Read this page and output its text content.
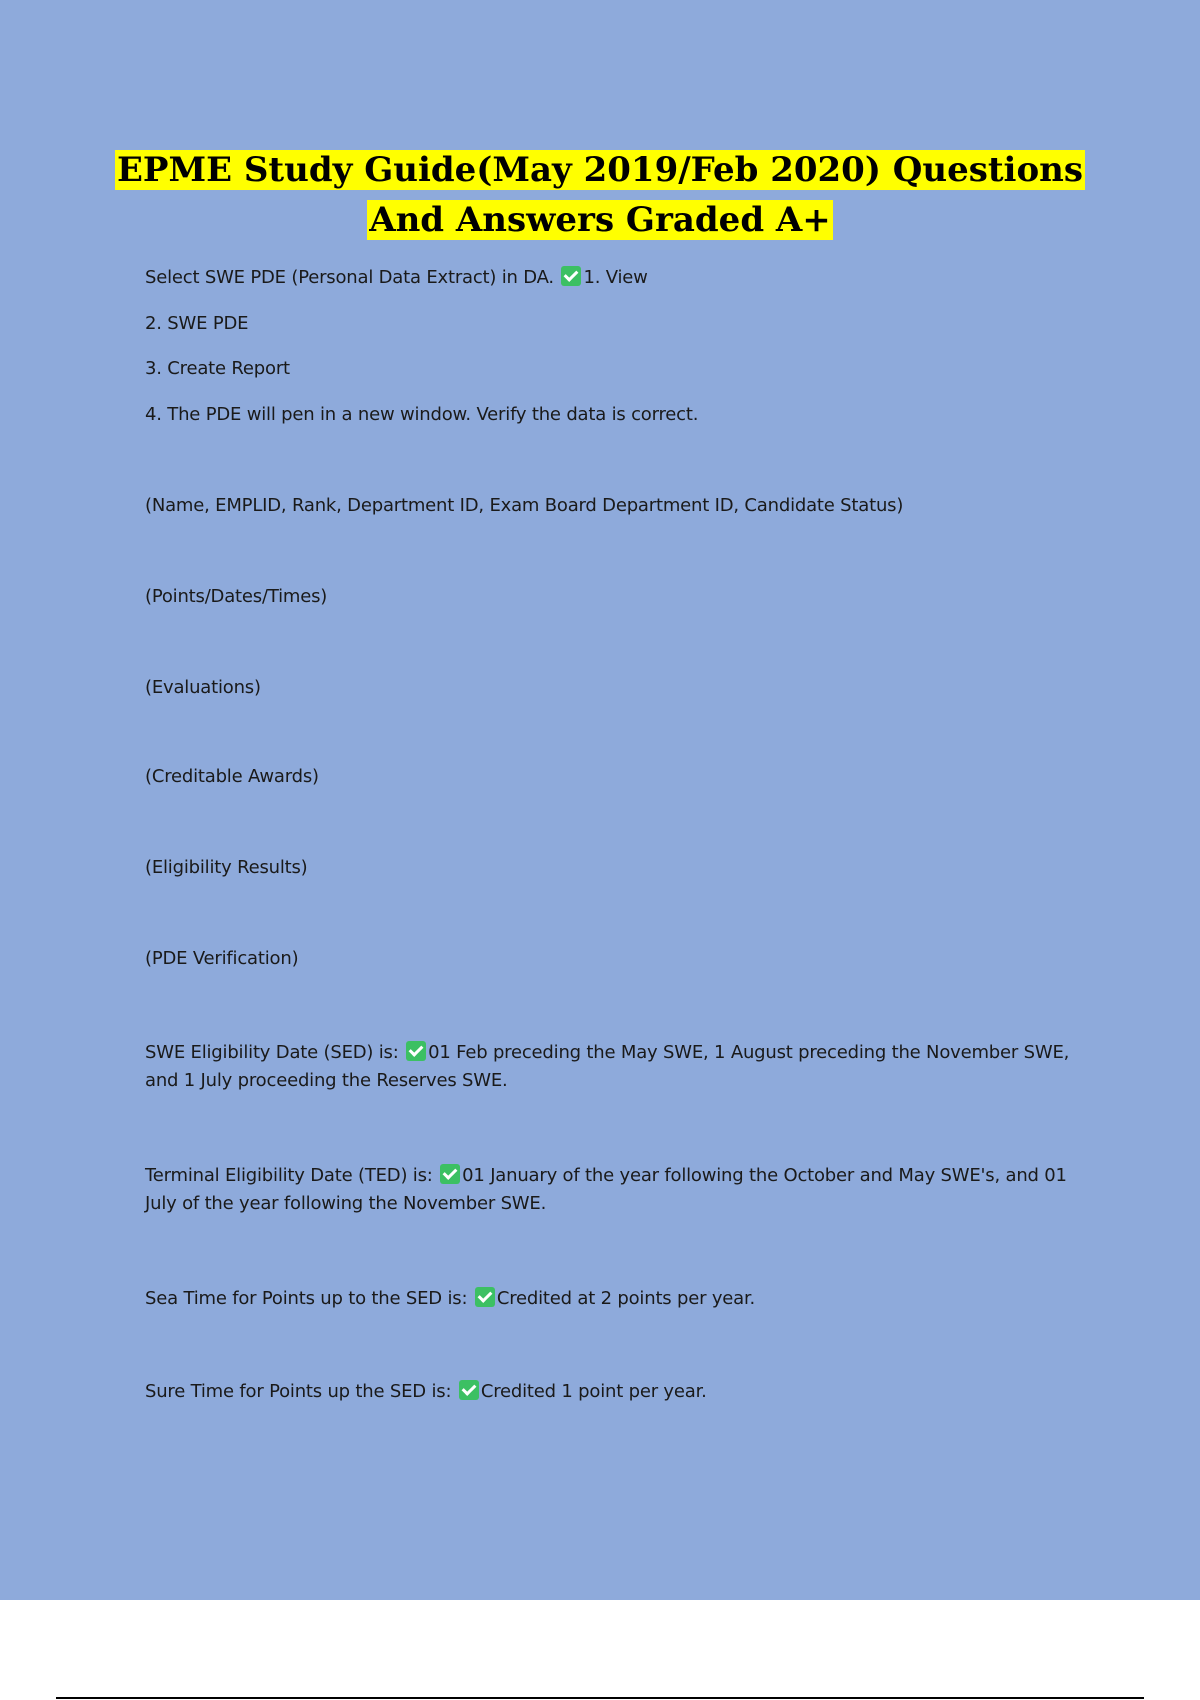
EPME Study Guide(May 2019/Feb 2020) Questions
And Answers Graded A+
Select SWE PDE (Personal Data Extract) in DA. 1. View
2. SWE PDE
3. Create Report
4. The PDE will pen in a new window. Verify the data is correct.
(Name, EMPLID, Rank, Department ID, Exam Board Department ID, Candidate Status)
(Points/Dates/Times)
(Evaluations)
(Creditable Awards)
(Eligibility Results)
(PDE Verification)
SWE Eligibility Date (SED) is: 01 Feb preceding the May SWE, 1 August preceding the November SWE, and 1 July proceeding the Reserves SWE.
Terminal Eligibility Date (TED) is: 01 January of the year following the October and May SWE's, and 01 July of the year following the November SWE.
Sea Time for Points up to the SED is: Credited at 2 points per year.
Sure Time for Points up the SED is: Credited 1 point per year.
